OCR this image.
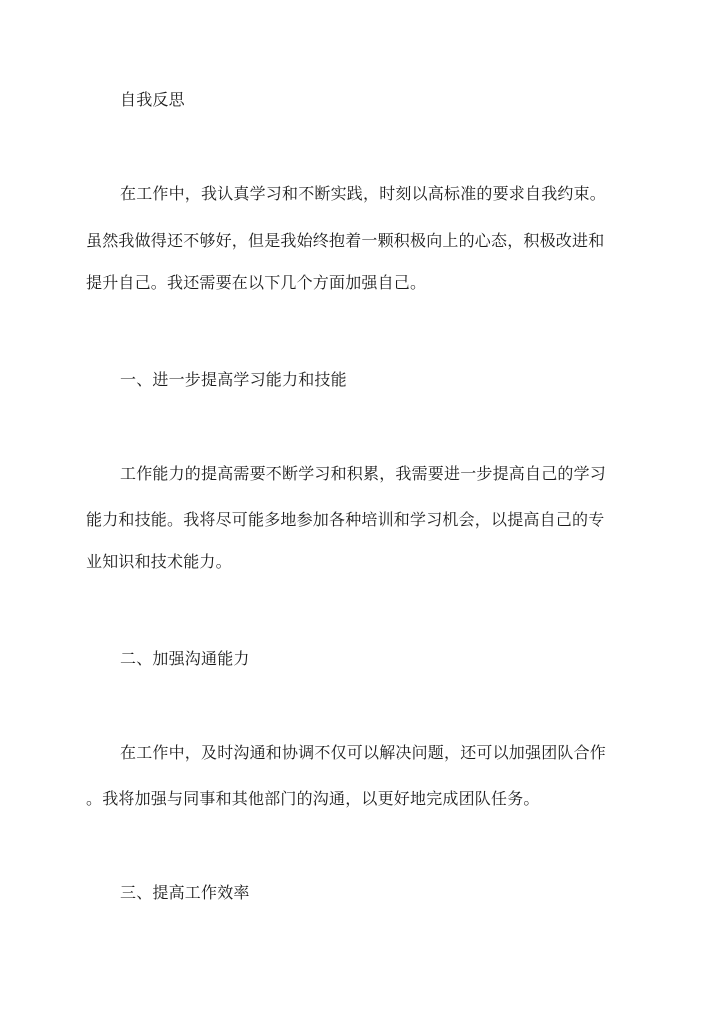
自我反思
在工作中，我认真学习和不断实践，时刻以高标准的要求自我约束。
虽然我做得还不够好，但是我始终抱着一颗积极向上的心态，积极改进和
提升自己。我还需要在以下几个方面加强自己。
一、进一步提高学习能力和技能
工作能力的提高需要不断学习和积累，我需要进一步提高自己的学习
能力和技能。我将尽可能多地参加各种培训和学习机会，以提高自己的专
业知识和技术能力。
二、加强沟通能力
在工作中，及时沟通和协调不仅可以解决问题，还可以加强团队合作
。我将加强与同事和其他部门的沟通，以更好地完成团队任务。
三、提高工作效率
